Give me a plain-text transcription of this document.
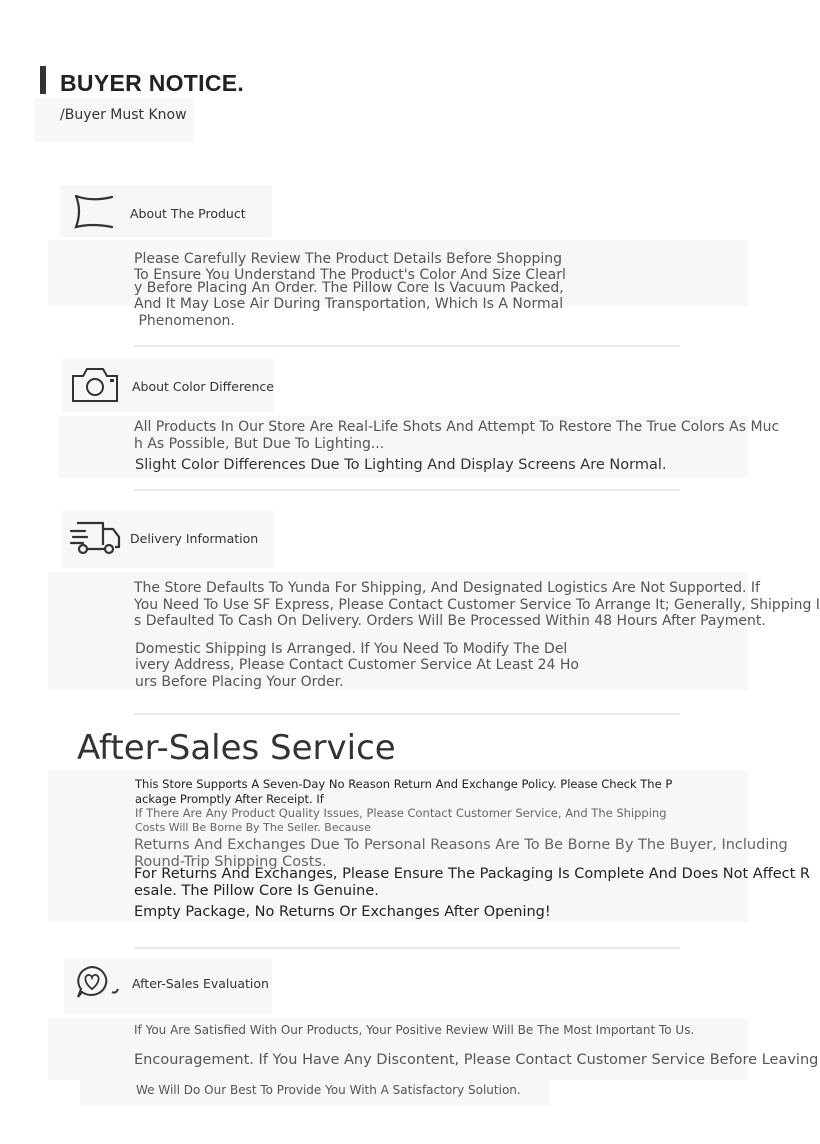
BUYER NOTICE.
/Buyer Must Know
About The Product
Please Carefully Review The Product Details Before Shopping
To Ensure You Understand The Product's Color And Size Clearl
y Before Placing An Order. The Pillow Core Is Vacuum Packed,
And It May Lose Air During Transportation, Which Is A Normal
Phenomenon.
About Color Difference
All Products In Our Store Are Real-Life Shots And Attempt To Restore The True Colors As Muc
h As Possible, But Due To Lighting...
Slight Color Differences Due To Lighting And Display Screens Are Normal.
Delivery Information
The Store Defaults To Yunda For Shipping, And Designated Logistics Are Not Supported. If
You Need To Use SF Express, Please Contact Customer Service To Arrange It; Generally, Shipping I
s Defaulted To Cash On Delivery. Orders Will Be Processed Within 48 Hours After Payment.
Domestic Shipping Is Arranged. If You Need To Modify The Del
ivery Address, Please Contact Customer Service At Least 24 Ho
urs Before Placing Your Order.
After-Sales Service
This Store Supports A Seven-Day No Reason Return And Exchange Policy. Please Check The P
ackage Promptly After Receipt. If
If There Are Any Product Quality Issues, Please Contact Customer Service, And The Shipping
Costs Will Be Borne By The Seller. Because
Returns And Exchanges Due To Personal Reasons Are To Be Borne By The Buyer, Including
Round-Trip Shipping Costs.
For Returns And Exchanges, Please Ensure The Packaging Is Complete And Does Not Affect R
esale. The Pillow Core Is Genuine.
Empty Package, No Returns Or Exchanges After Opening!
After-Sales Evaluation
If You Are Satisfied With Our Products, Your Positive Review Will Be The Most Important To Us.
Encouragement. If You Have Any Discontent, Please Contact Customer Service Before Leaving
We Will Do Our Best To Provide You With A Satisfactory Solution.
